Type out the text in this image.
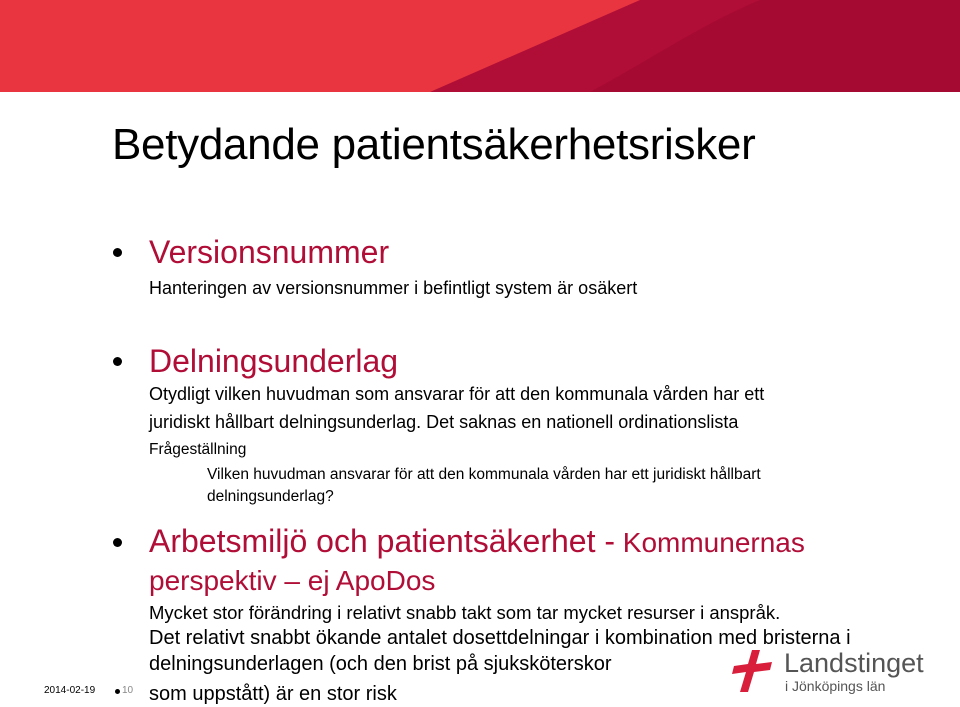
Betydande patientsäkerhetsrisker
Versionsnummer
Hanteringen av versionsnummer i befintligt system är osäkert
Delningsunderlag
Otydligt vilken huvudman som ansvarar för att den kommunala vården har ett
juridiskt hållbart delningsunderlag. Det saknas en nationell ordinationslista
Frågeställning
Vilken huvudman ansvarar för att den kommunala vården har ett juridiskt hållbart
delningsunderlag?
Arbetsmiljö och patientsäkerhet - Kommunernas
perspektiv – ej ApoDos
Mycket stor förändring i relativt snabb takt som tar mycket resurser i anspråk.
Det relativt snabbt ökande antalet dosettdelningar i kombination med bristerna i
delningsunderlagen (och den brist på sjuksköterskor
som uppstått) är en stor risk
2014-02-19	10
Landstinget
i Jönköpings län
